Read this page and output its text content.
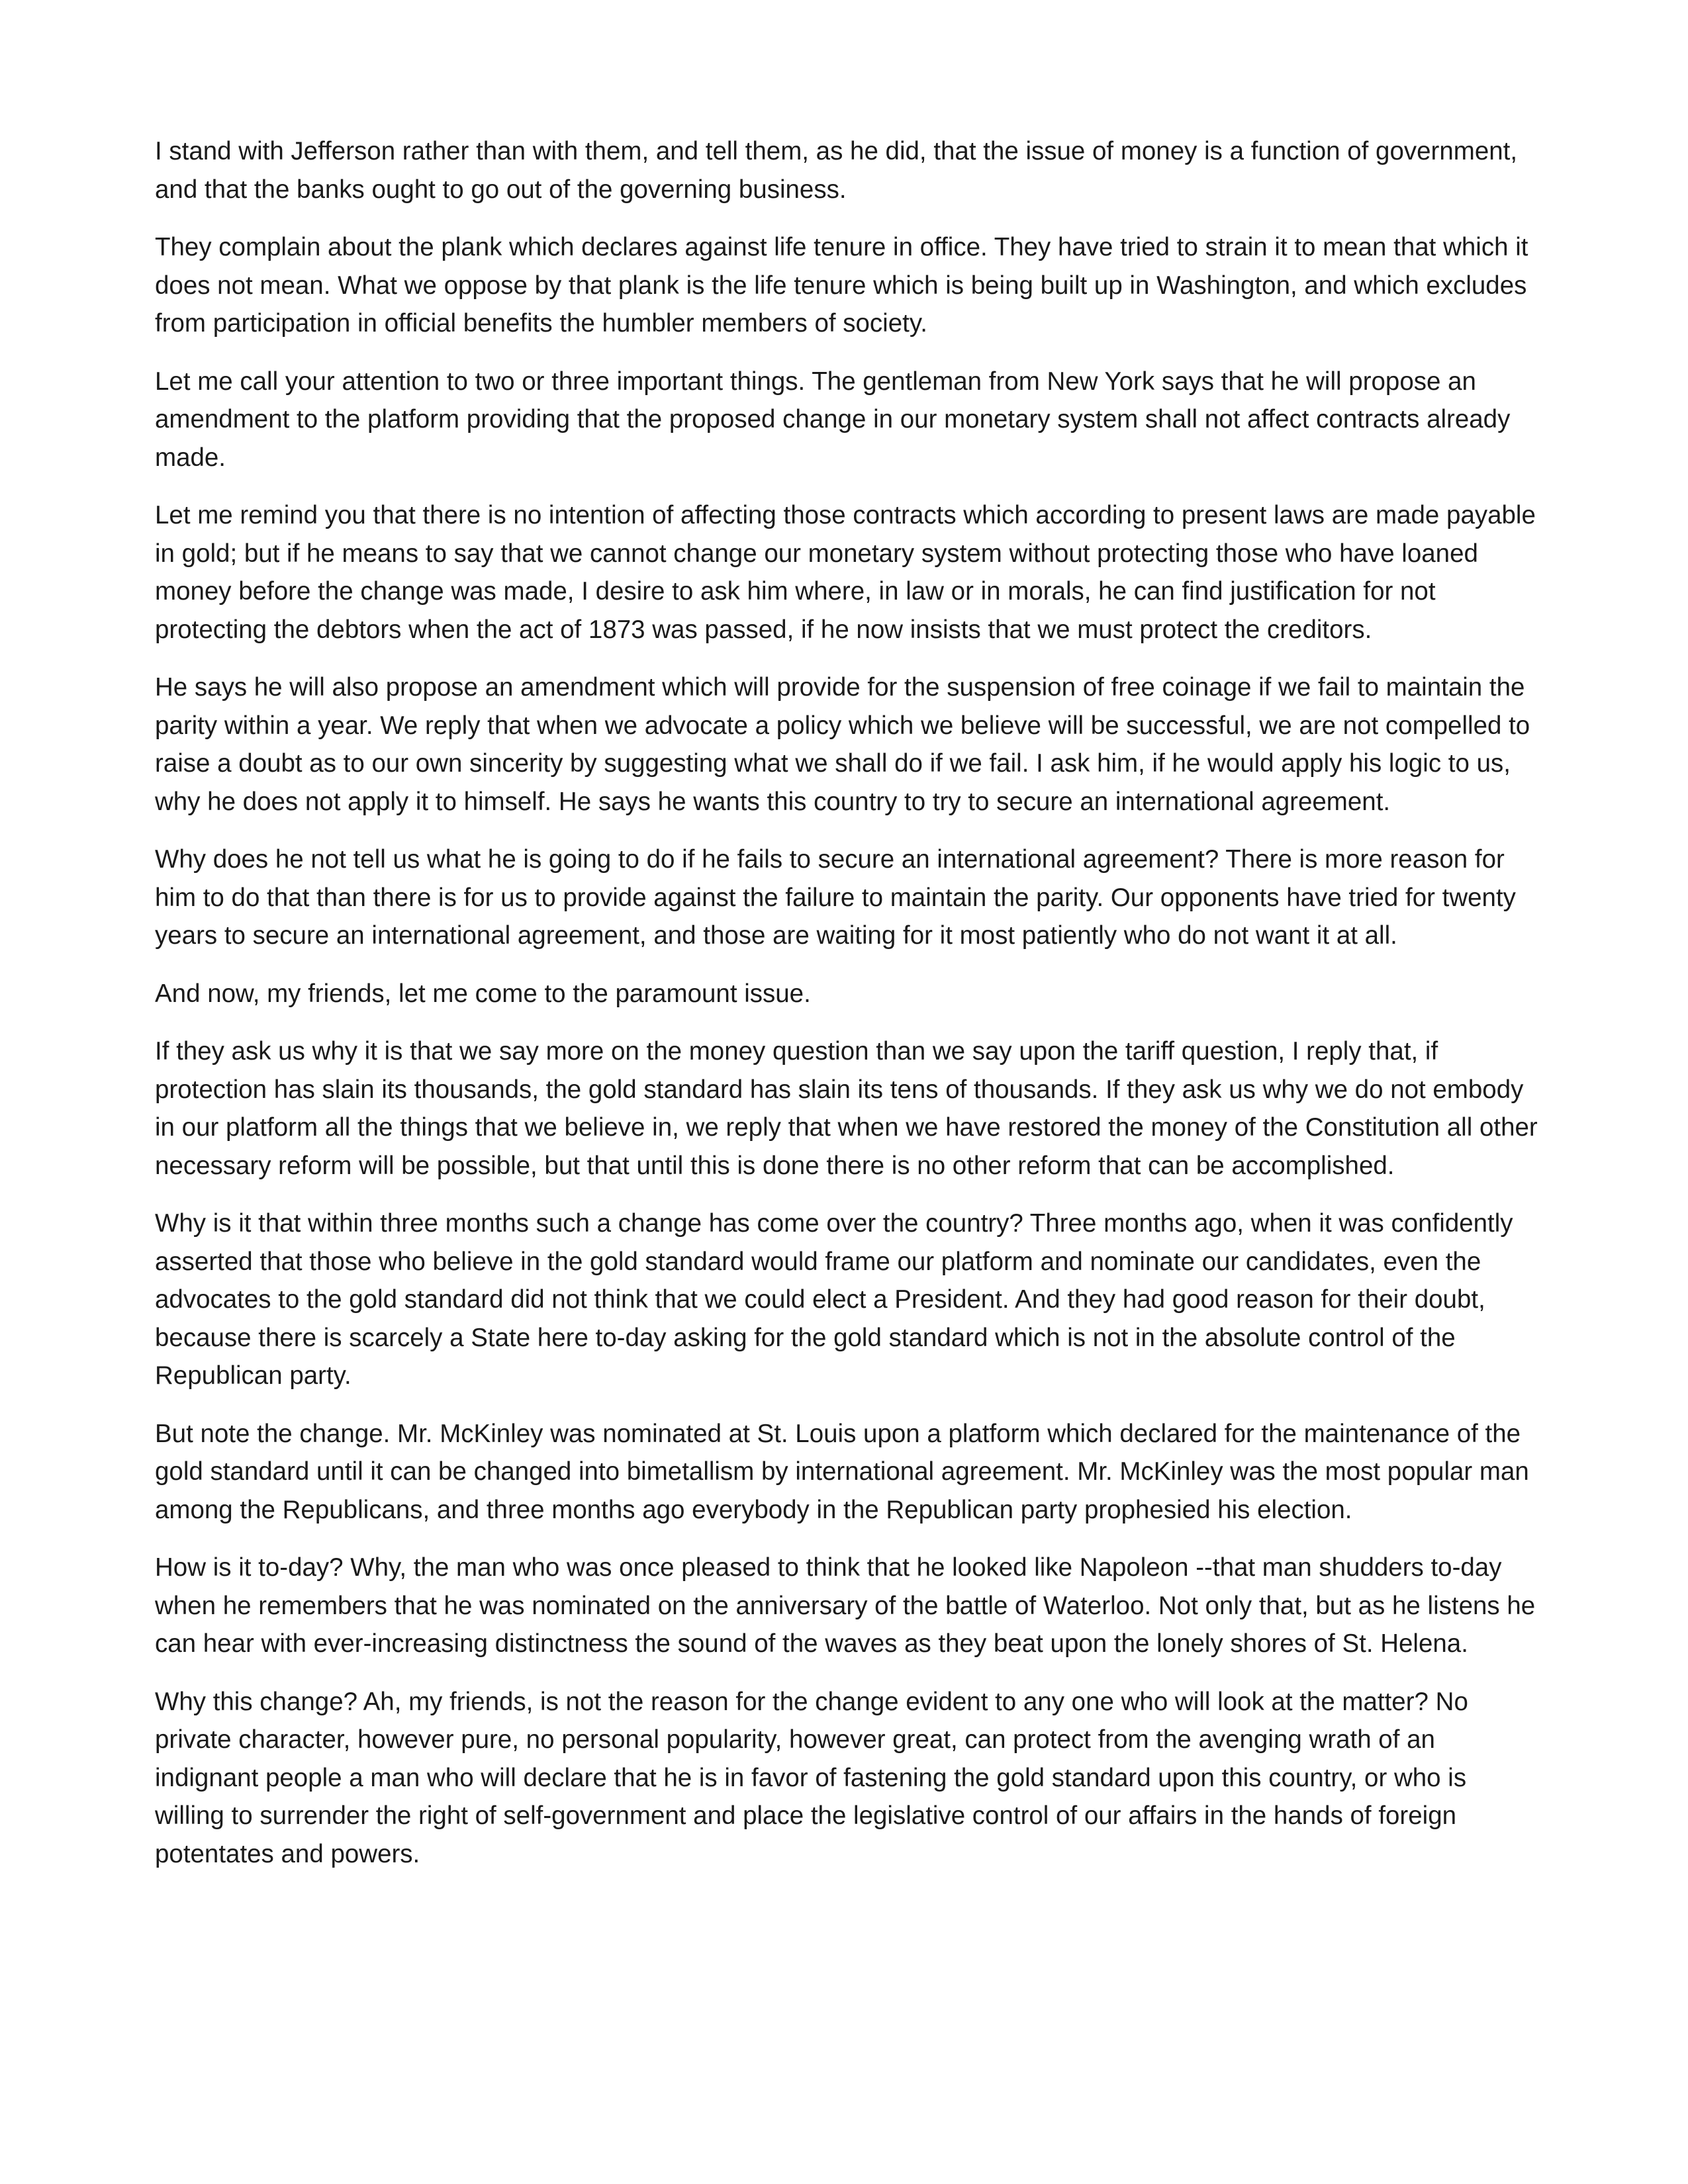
I stand with Jefferson rather than with them, and tell them, as he did, that the issue of money is a function of government, and that the banks ought to go out of the governing business.

They complain about the plank which declares against life tenure in office. They have tried to strain it to mean that which it does not mean. What we oppose by that plank is the life tenure which is being built up in Washington, and which excludes from participation in official benefits the humbler members of society.

Let me call your attention to two or three important things. The gentleman from New York says that he will propose an amendment to the platform providing that the proposed change in our monetary system shall not affect contracts already made.

Let me remind you that there is no intention of affecting those contracts which according to present laws are made payable in gold; but if he means to say that we cannot change our monetary system without protecting those who have loaned money before the change was made, I desire to ask him where, in law or in morals, he can find justification for not protecting the debtors when the act of 1873 was passed, if he now insists that we must protect the creditors.

He says he will also propose an amendment which will provide for the suspension of free coinage if we fail to maintain the parity within a year. We reply that when we advocate a policy which we believe will be successful, we are not compelled to raise a doubt as to our own sincerity by suggesting what we shall do if we fail. I ask him, if he would apply his logic to us, why he does not apply it to himself. He says he wants this country to try to secure an international agreement.

Why does he not tell us what he is going to do if he fails to secure an international agreement? There is more reason for him to do that than there is for us to provide against the failure to maintain the parity. Our opponents have tried for twenty years to secure an international agreement, and those are waiting for it most patiently who do not want it at all.

And now, my friends, let me come to the paramount issue.

If they ask us why it is that we say more on the money question than we say upon the tariff question, I reply that, if protection has slain its thousands, the gold standard has slain its tens of thousands. If they ask us why we do not embody in our platform all the things that we believe in, we reply that when we have restored the money of the Constitution all other necessary reform will be possible, but that until this is done there is no other reform that can be accomplished.

Why is it that within three months such a change has come over the country? Three months ago, when it was confidently asserted that those who believe in the gold standard would frame our platform and nominate our candidates, even the advocates to the gold standard did not think that we could elect a President. And they had good reason for their doubt, because there is scarcely a State here to-day asking for the gold standard which is not in the absolute control of the Republican party.

But note the change. Mr. McKinley was nominated at St. Louis upon a platform which declared for the maintenance of the gold standard until it can be changed into bimetallism by international agreement. Mr. McKinley was the most popular man among the Republicans, and three months ago everybody in the Republican party prophesied his election.

How is it to-day? Why, the man who was once pleased to think that he looked like Napoleon --that man shudders to-day when he remembers that he was nominated on the anniversary of the battle of Waterloo. Not only that, but as he listens he can hear with ever-increasing distinctness the sound of the waves as they beat upon the lonely shores of St. Helena.

Why this change? Ah, my friends, is not the reason for the change evident to any one who will look at the matter? No private character, however pure, no personal popularity, however great, can protect from the avenging wrath of an indignant people a man who will declare that he is in favor of fastening the gold standard upon this country, or who is willing to surrender the right of self-government and place the legislative control of our affairs in the hands of foreign potentates and powers.
